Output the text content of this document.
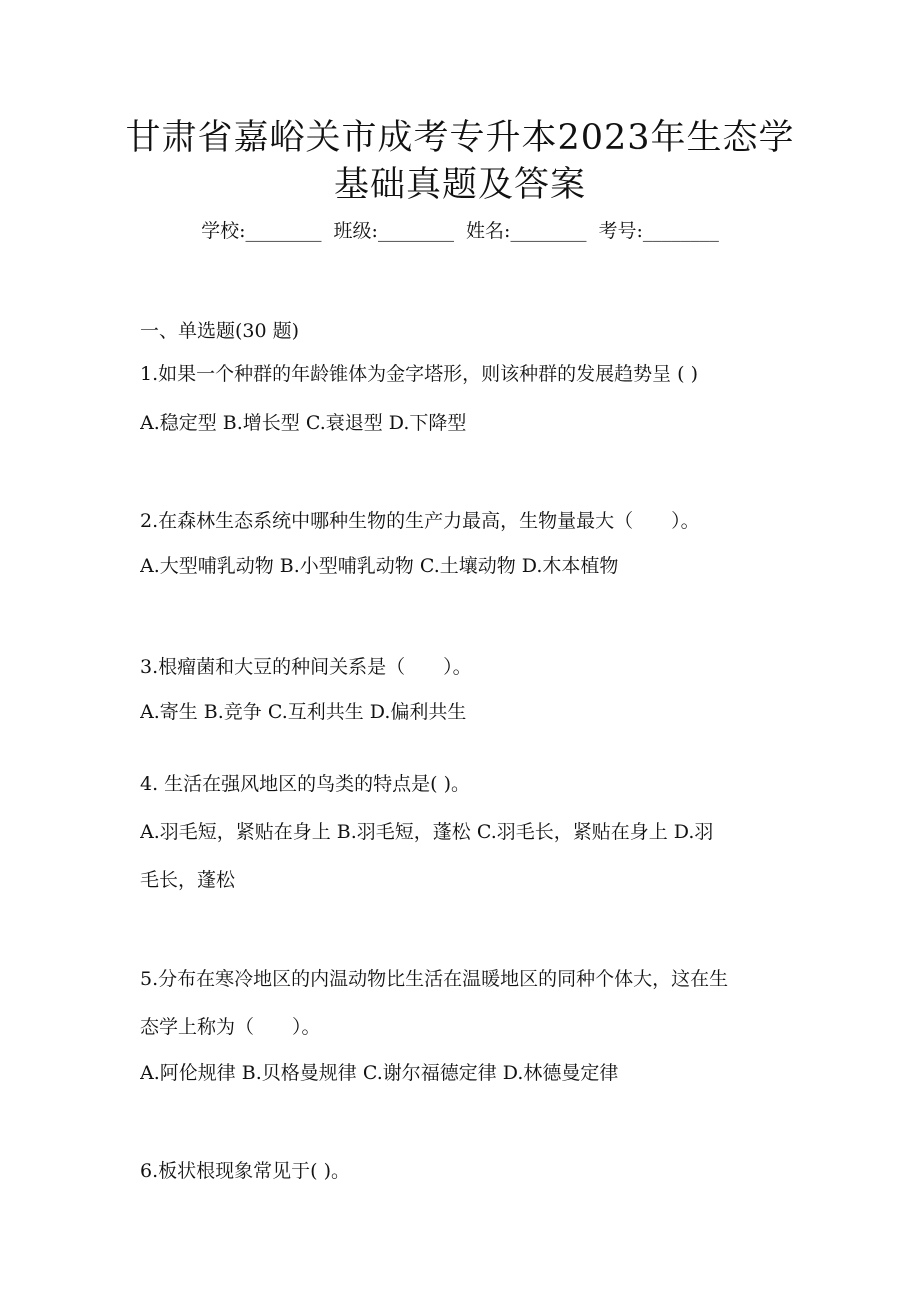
甘肃省嘉峪关市成考专升本2023年生态学
基础真题及答案
学校:________  班级:________  姓名:________  考号:________
一、单选题(30 题)
1.如果一个种群的年龄锥体为金字塔形，则该种群的发展趋势呈 ( )
A.稳定型 B.增长型 C.衰退型 D.下降型
2.在森林生态系统中哪种生物的生产力最高，生物量最大（　　）。
A.大型哺乳动物 B.小型哺乳动物 C.土壤动物 D.木本植物
3.根瘤菌和大豆的种间关系是（　　）。
A.寄生 B.竞争 C.互利共生 D.偏利共生
4. 生活在强风地区的鸟类的特点是( )。
A.羽毛短，紧贴在身上 B.羽毛短，蓬松 C.羽毛长，紧贴在身上 D.羽
毛长，蓬松
5.分布在寒冷地区的内温动物比生活在温暖地区的同种个体大，这在生
态学上称为（　　）。
A.阿伦规律 B.贝格曼规律 C.谢尔福德定律 D.林德曼定律
6.板状根现象常见于( )。
